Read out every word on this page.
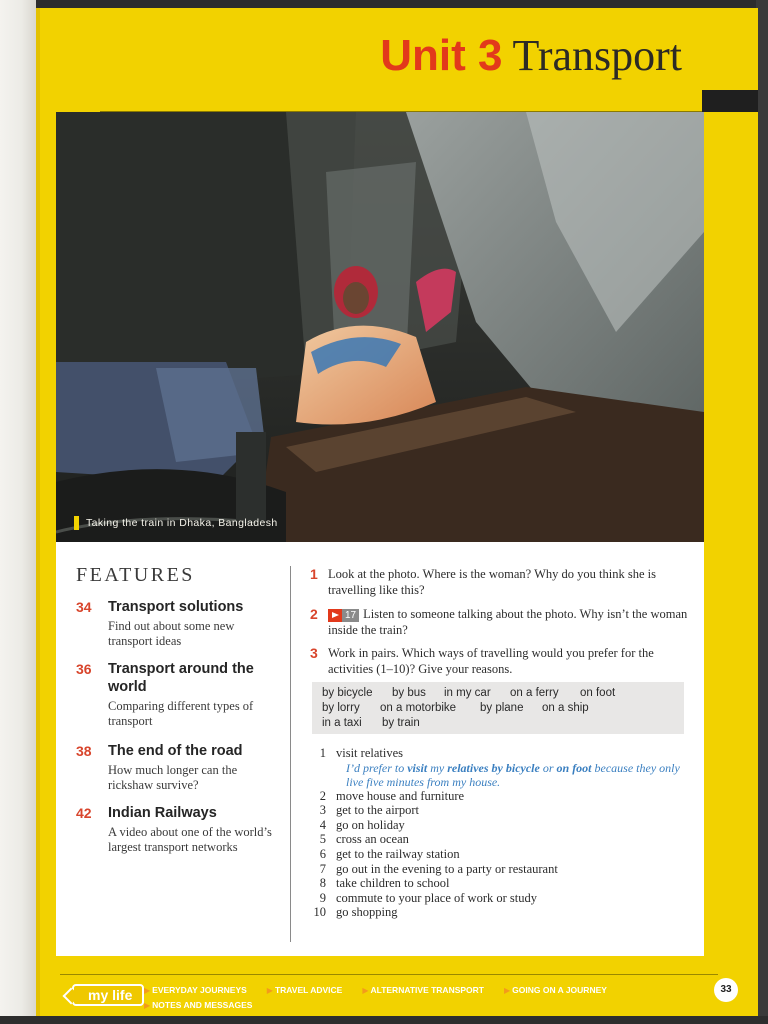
Unit 3 Transport
Taking the train in Dhaka, Bangladesh
FEATURES
34	Transport solutions
Find out about some new transport ideas
36	Transport around the world
Comparing different types of transport
38	The end of the road
How much longer can the rickshaw survive?
42	Indian Railways
A video about one of the world’s largest transport networks
1 Look at the photo. Where is the woman? Why do you think she is travelling like this?
2	17 Listen to someone talking about the photo. Why isn’t the woman inside the train?
3 Work in pairs. Which ways of travelling would you prefer for the activities (1–10)? Give your reasons.
by bicycle by bus in my car on a ferry on foot
by lorry on a motorbike by plane on a ship
in a taxi by train
1 visit relatives
I’d prefer to visit my relatives by bicycle or on foot because they only live five minutes from my house.
2 move house and furniture
3 get to the airport
4 go on holiday
5 cross an ocean
6 get to the railway station
7 go out in the evening to a party or restaurant
8 take children to school
9 commute to your place of work or study
10 go shopping
my life	▶ EVERYDAY JOURNEYS	▶ TRAVEL ADVICE	▶ ALTERNATIVE TRANSPORT	▶ GOING ON A JOURNEY
▶ NOTES AND MESSAGES
33
